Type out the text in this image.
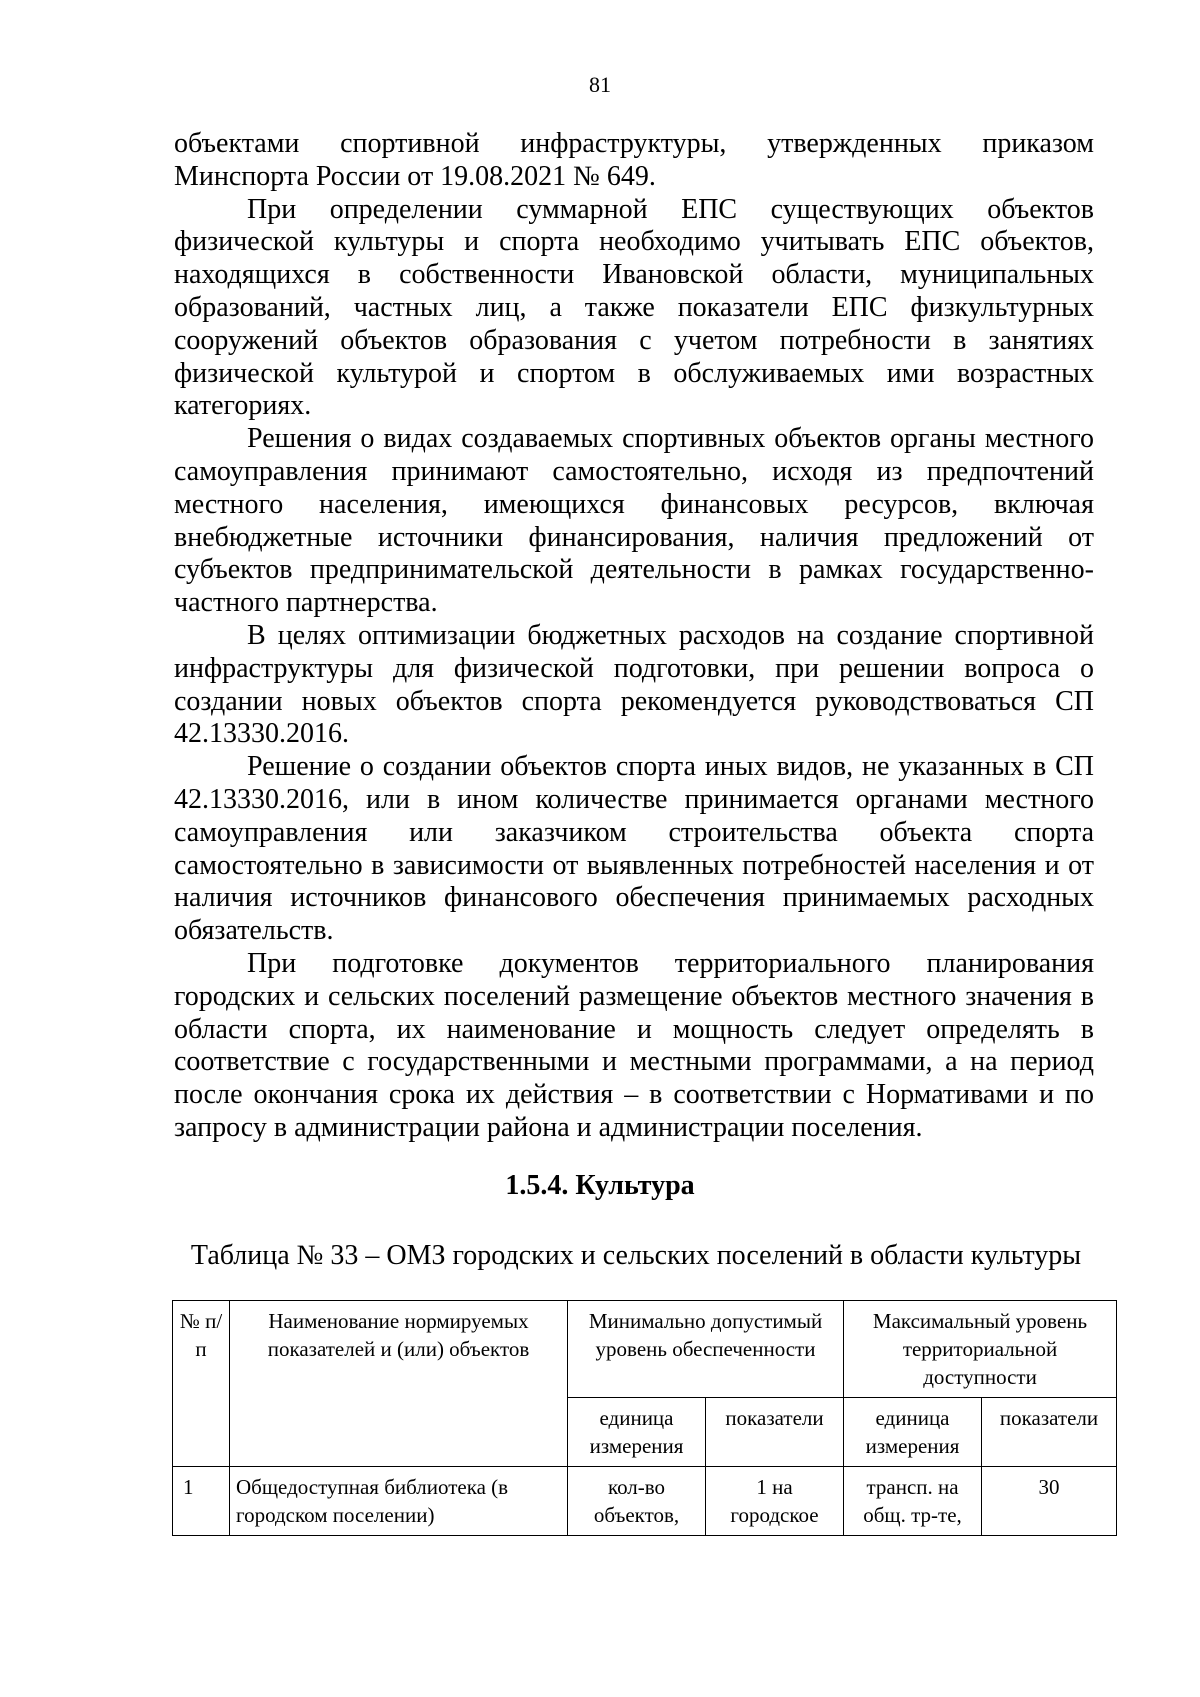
81

объектами спортивной инфраструктуры, утвержденных приказом Минспорта России от 19.08.2021 № 649.

При определении суммарной ЕПС существующих объектов физической культуры и спорта необходимо учитывать ЕПС объектов, находящихся в собственности Ивановской области, муниципальных образований, частных лиц, а также показатели ЕПС физкультурных сооружений объектов образования с учетом потребности в занятиях физической культурой и спортом в обслуживаемых ими возрастных категориях.

Решения о видах создаваемых спортивных объектов органы местного самоуправления принимают самостоятельно, исходя из предпочтений местного населения, имеющихся финансовых ресурсов, включая внебюджетные источники финансирования, наличия предложений от субъектов предпринимательской деятельности в рамках государственно-частного партнерства.

В целях оптимизации бюджетных расходов на создание спортивной инфраструктуры для физической подготовки, при решении вопроса о создании новых объектов спорта рекомендуется руководствоваться СП 42.13330.2016.

Решение о создании объектов спорта иных видов, не указанных в СП 42.13330.2016, или в ином количестве принимается органами местного самоуправления или заказчиком строительства объекта спорта самостоятельно в зависимости от выявленных потребностей населения и от наличия источников финансового обеспечения принимаемых расходных обязательств.

При подготовке документов территориального планирования городских и сельских поселений размещение объектов местного значения в области спорта, их наименование и мощность следует определять в соответствие с государственными и местными программами, а на период после окончания срока их действия – в соответствии с Нормативами и по запросу в администрации района и администрации поселения.

1.5.4. Культура
Таблица № 33 – ОМЗ городских и сельских поселений в области культуры
№ п/п	Наименование нормируемых показателей и (или) объектов	Минимально допустимый уровень обеспеченности		Максимальный уровень территориальной доступности	
		единица измерения	показатели	единица измерения	показатели
1	Общедоступная библиотека (в городском поселении)	кол-во объектов,	1 на городское	трансп. на общ. тр-те,	30
